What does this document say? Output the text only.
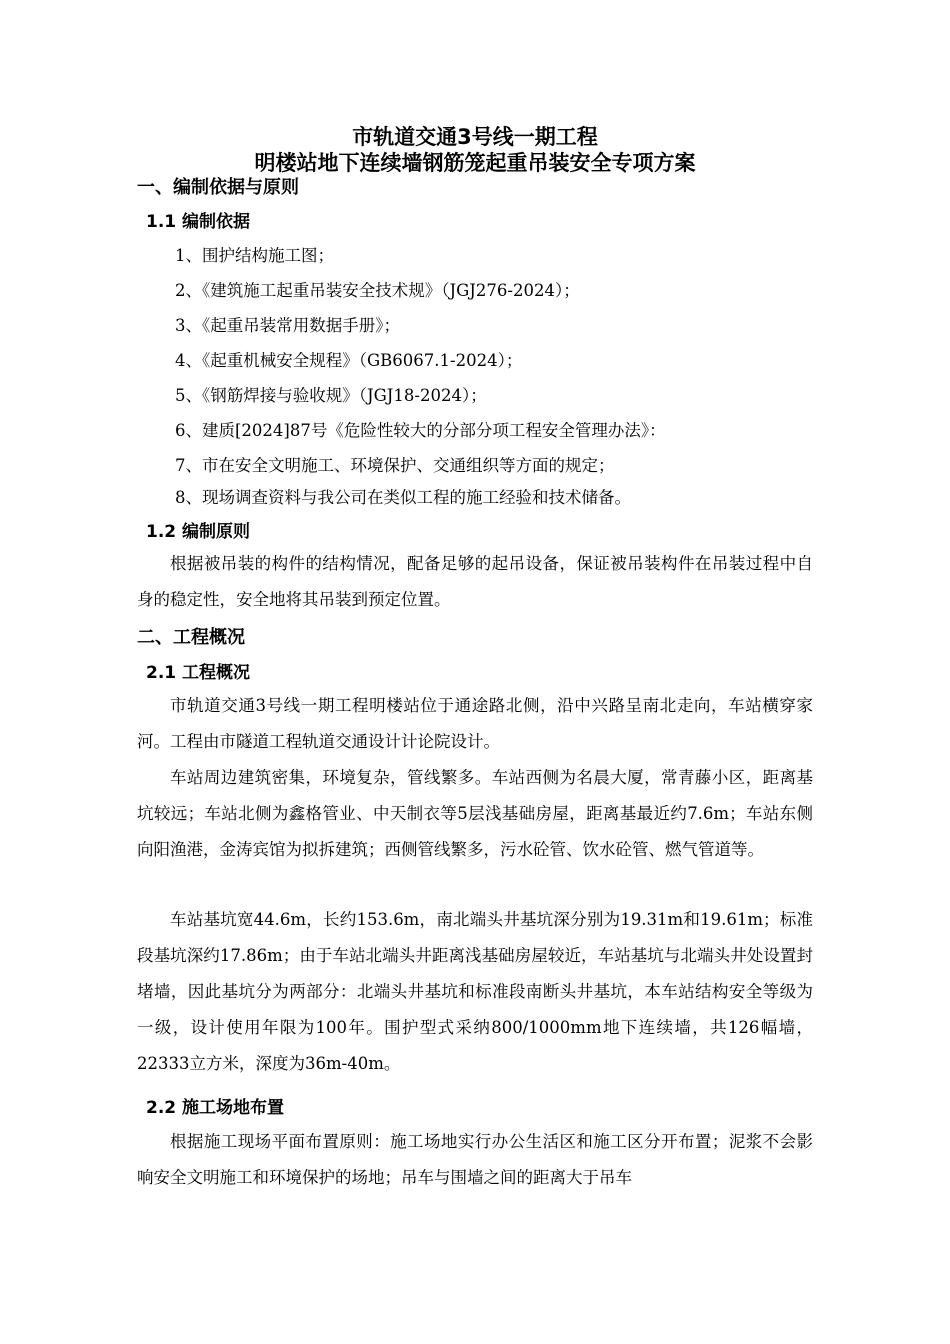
市轨道交通3号线一期工程
明楼站地下连续墙钢筋笼起重吊装安全专项方案
一、编制依据与原则
1.1 编制依据
1、围护结构施工图；
2、《建筑施工起重吊装安全技术规》（JGJ276-2024）；
3、《起重吊装常用数据手册》；
4、《起重机械安全规程》（GB6067.1-2024）；
5、《钢筋焊接与验收规》（JGJ18-2024）；
6、建质[2024]87号《危险性较大的分部分项工程安全管理办法》：
7、市在安全文明施工、环境保护、交通组织等方面的规定；
8、现场调查资料与我公司在类似工程的施工经验和技术储备。
1.2 编制原则

根据被吊装的构件的结构情况，配备足够的起吊设备，保证被吊装构件在吊装过程中自身的稳定性，安全地将其吊装到预定位置。

二、工程概况
2.1 工程概况

市轨道交通3号线一期工程明楼站位于通途路北侧，沿中兴路呈南北走向，车站横穿家河。工程由市隧道工程轨道交通设计计论院设计。

车站周边建筑密集，环境复杂，管线繁多。车站西侧为名晨大厦，常青藤小区，距离基坑较远；车站北侧为鑫格管业、中天制衣等5层浅基础房屋，距离基最近约7.6m；车站东侧向阳渔港，金涛宾馆为拟拆建筑；西侧管线繁多，污水砼管、饮水砼管、燃气管道等。

车站基坑宽44.6m，长约153.6m，南北端头井基坑深分别为19.31m和19.61m；标准段基坑深约17.86m；由于车站北端头井距离浅基础房屋较近，车站基坑与北端头井处设置封堵墙，因此基坑分为两部分：北端头井基坑和标准段南断头井基坑，本车站结构安全等级为一级，设计使用年限为100年。围护型式采纳800/1000mm地下连续墙，共126幅墙，22333立方米，深度为36m-40m。

2.2 施工场地布置

根据施工现场平面布置原则：施工场地实行办公生活区和施工区分开布置；泥浆不会影响安全文明施工和环境保护的场地；吊车与围墙之间的距离大于吊车
